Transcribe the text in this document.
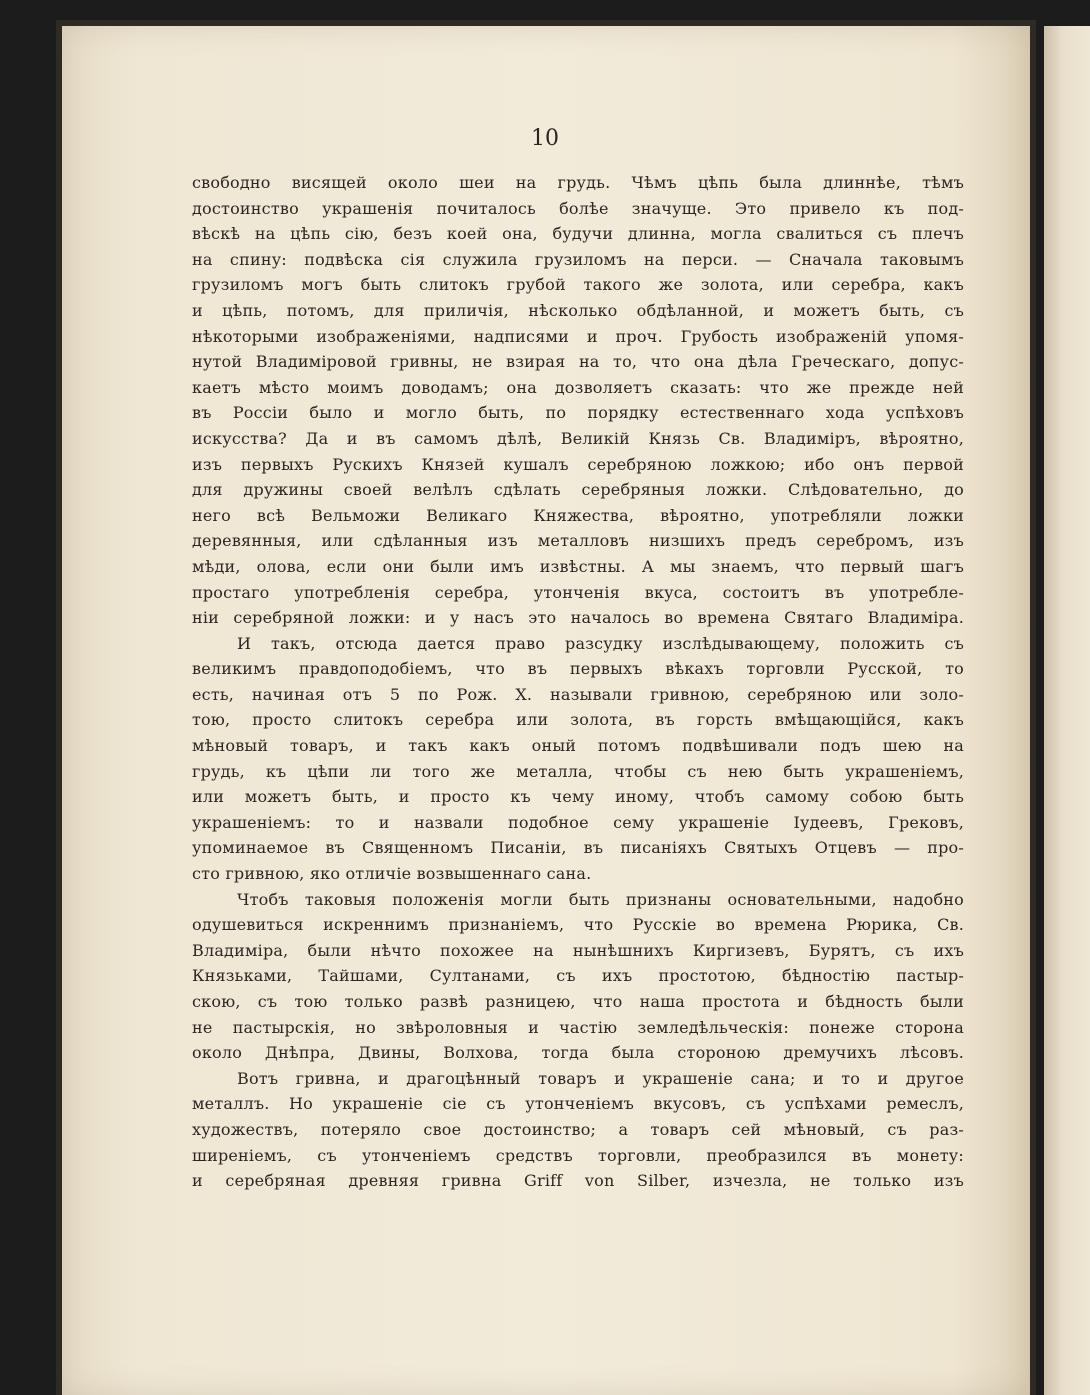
10

свободно висящей около шеи на грудь. Чѣмъ цѣпь была длиннѣе, тѣмъ
достоинство украшенія почиталось болѣе значуще. Это привело къ под-
вѣскѣ на цѣпь сію, безъ коей она, будучи длинна, могла свалиться съ плечъ
на спину: подвѣска сія служила грузиломъ на перси. — Сначала таковымъ
грузиломъ могъ быть слитокъ грубой такого же золота, или серебра, какъ
и цѣпь, потомъ, для приличія, нѣсколько обдѣланной, и можетъ быть, съ
нѣкоторыми изображеніями, надписями и проч. Грубость изображеній упомя-
нутой Владиміровой гривны, не взирая на то, что она дѣла Греческаго, допус-
каетъ мѣсто моимъ доводамъ; она дозволяетъ сказать: что же прежде ней
въ Россіи было и могло быть, по порядку естественнаго хода успѣховъ
искусства? Да и въ самомъ дѣлѣ, Великій Князь Св. Владиміръ, вѣроятно,
изъ первыхъ Рускихъ Князей кушалъ серебряною ложкою; ибо онъ первой
для дружины своей велѣлъ сдѣлать серебряныя ложки. Слѣдовательно, до
него всѣ Вельможи Великаго Княжества, вѣроятно, употребляли ложки
деревянныя, или сдѣланныя изъ металловъ низшихъ предъ серебромъ, изъ
мѣди, олова, если они были имъ извѣстны. А мы знаемъ, что первый шагъ
простаго употребленія серебра, утонченія вкуса, состоитъ въ употребле-
ніи серебряной ложки: и у насъ это началось во времена Святаго Владиміра.
И такъ, отсюда дается право разсудку изслѣдывающему, положить съ
великимъ правдоподобіемъ, что въ первыхъ вѣкахъ торговли Русской, то
есть, начиная отъ 5 по Рож. Х. называли гривною, серебряною или золо-
тою, просто слитокъ серебра или золота, въ горсть вмѣщающійся, какъ
мѣновый товаръ, и такъ какъ оный потомъ подвѣшивали подъ шею на
грудь, къ цѣпи ли того же металла, чтобы съ нею быть украшеніемъ,
или можетъ быть, и просто къ чему иному, чтобъ самому собою быть
украшеніемъ: то и назвали подобное сему украшеніе Іудеевъ, Грековъ,
упоминаемое въ Священномъ Писаніи, въ писаніяхъ Святыхъ Отцевъ — про-
сто гривною, яко отличіе возвышеннаго сана.
Чтобъ таковыя положенія могли быть признаны основательными, надобно
одушевиться искреннимъ признаніемъ, что Русскіе во времена Рюрика, Св.
Владиміра, были нѣчто похожее на нынѣшнихъ Киргизевъ, Бурятъ, съ ихъ
Князьками, Тайшами, Султанами, съ ихъ простотою, бѣдностію пастыр-
скою, съ тою только развѣ разницею, что наша простота и бѣдность были
не пастырскія, но звѣроловныя и частію земледѣльческія: понеже сторона
около Днѣпра, Двины, Волхова, тогда была стороною дремучихъ лѣсовъ.
Вотъ гривна, и драгоцѣнный товаръ и украшеніе сана; и то и другое
металлъ. Но украшеніе сіе съ утонченіемъ вкусовъ, съ успѣхами ремеслъ,
художествъ, потеряло свое достоинство; а товаръ сей мѣновый, съ раз-
ширеніемъ, съ утонченіемъ средствъ торговли, преобразился въ монету:
и серебряная древняя гривна Griff von Silber, изчезла, не только изъ
